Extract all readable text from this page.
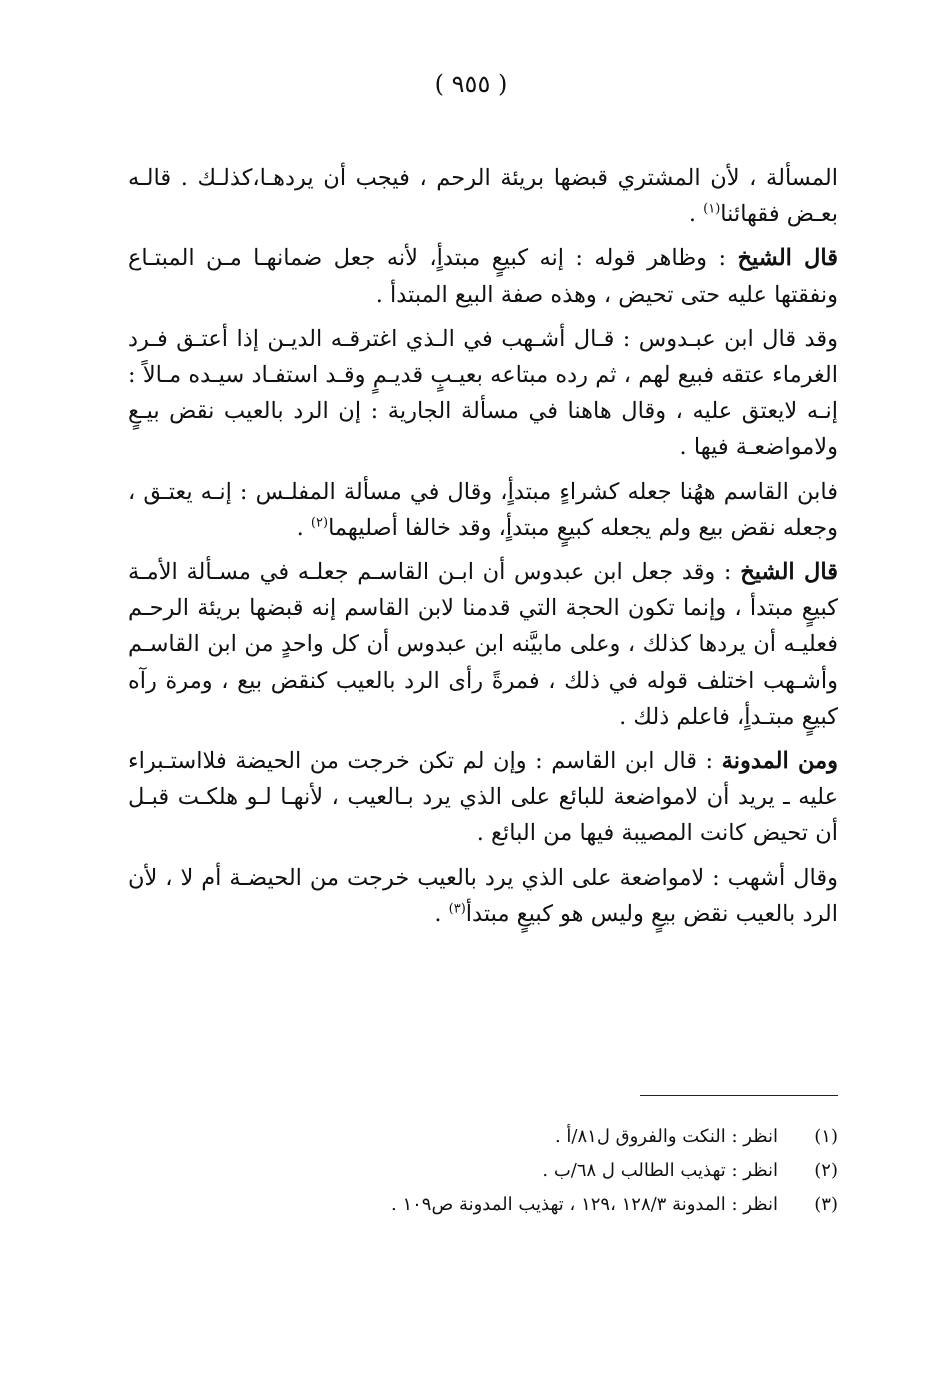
( ٩٥٥ )

المسألة ، لأن المشتري قبضها بريئة الرحم ، فيجب أن يردهـا،كذلـك . قالـه بعـض فقهائنا$^{(١)}$ .

قال الشيخ : وظاهر قوله : إنه كبيعٍ مبتدأٍ، لأنه جعل ضمانهـا مـن المبتـاع ونفقتها عليه حتى تحيض ، وهذه صفة البيع المبتدأ .

وقد قال ابن عبـدوس : قـال أشـهب في الـذي اغترقـه الديـن إذا أعتـق فـرد الغرماء عتقه فبيع لهم ، ثم رده مبتاعه بعيـبٍ قديـمٍ وقـد استفـاد سيـده مـالاً : إنـه لايعتق عليه ، وقال هاهنا في مسألة الجارية : إن الرد بالعيب نقض بيـعٍ ولامواضعـة فيها .

فابن القاسم ههُنا جعله كشراءٍ مبتدأٍ، وقال في مسألة المفلـس : إنـه يعتـق ، وجعله نقض بيع ولم يجعله كبيعٍ مبتدأٍ، وقد خالفا أصليهما$^{(٢)}$ .

قال الشيخ : وقد جعل ابن عبدوس أن ابـن القاسـم جعلـه في مسـألة الأمـة كبيعٍ مبتدأ ، وإنما تكون الحجة التي قدمنا لابن القاسم إنه قبضها بريئة الرحـم فعليـه أن يردها كذلك ، وعلى مابيَّنه ابن عبدوس أن كل واحدٍ من ابن القاسـم وأشـهب اختلف قوله في ذلك ، فمرةً رأى الرد بالعيب كنقض بيع ، ومرة رآه كبيعٍ مبتـدأٍ، فاعلم ذلك .

ومن المدونة : قال ابن القاسم : وإن لم تكن خرجت من الحيضة فلااستـبراء عليه ـ يريد أن لامواضعة للبائع على الذي يرد بـالعيب ، لأنهـا لـو هلكـت قبـل أن تحيض كانت المصيبة فيها من البائع .

وقال أشهب : لامواضعة على الذي يرد بالعيب خرجت من الحيضـة أم لا ، لأن الرد بالعيب نقض بيعٍ وليس هو كبيعٍ مبتدأ$^{(٣)}$ .

(١)
انظر : النكت والفروق ل٨١/أ .
(٢)
انظر : تهذيب الطالب ل ٦٨/ب .
(٣)
انظر : المدونة ١٢٨/٣ ،١٢٩ ، تهذيب المدونة ص١٠٩ .
